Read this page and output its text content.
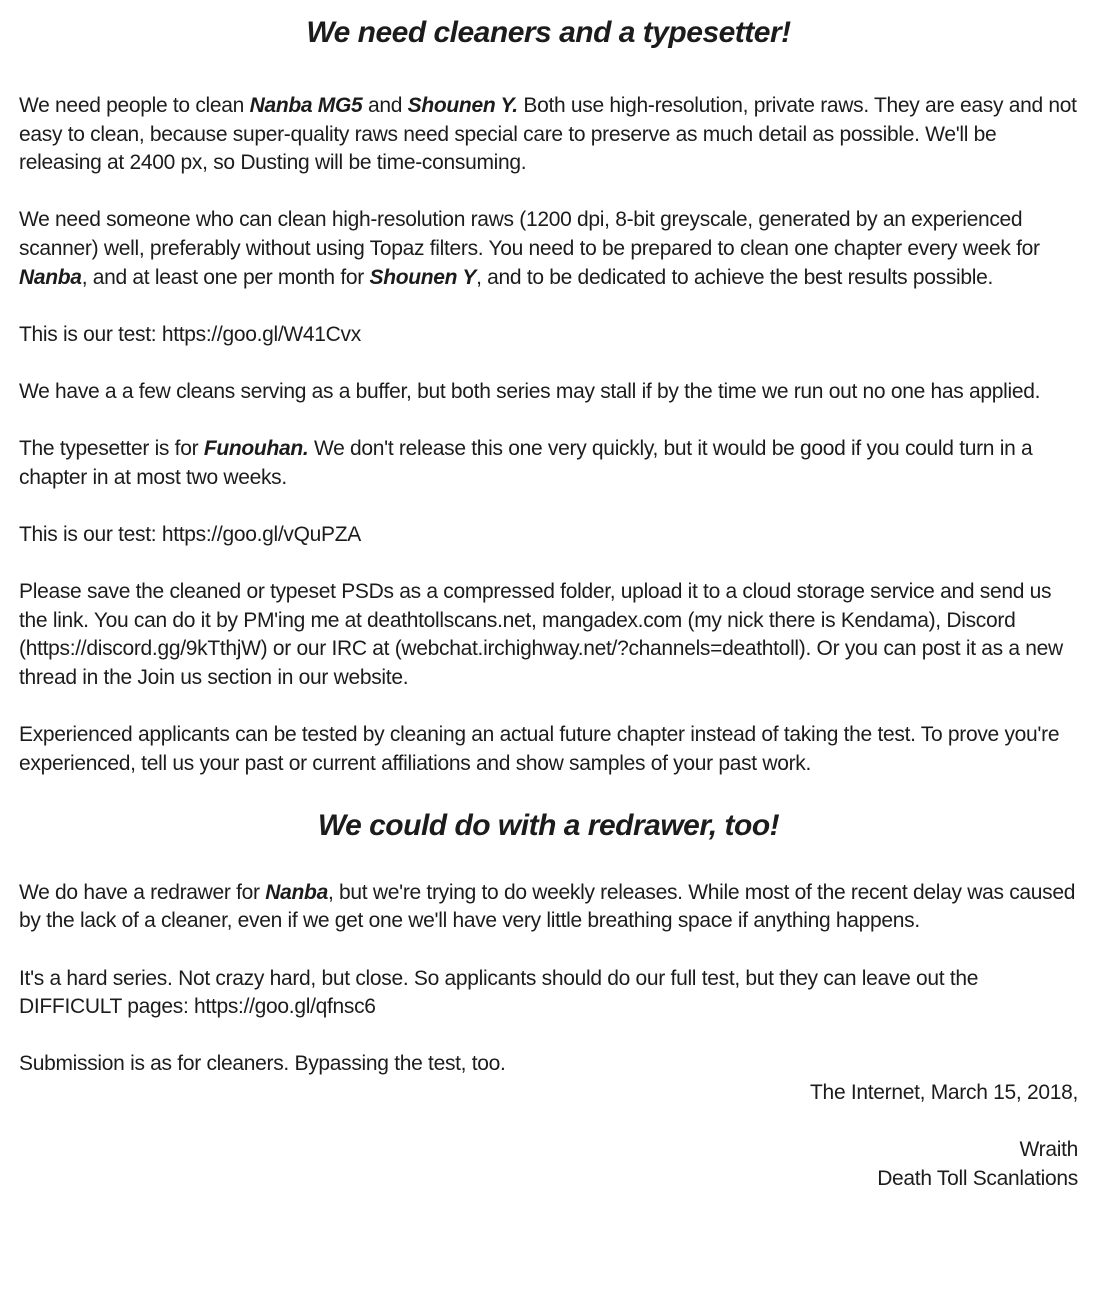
We need cleaners and a typesetter!

We need people to clean Nanba MG5 and Shounen Y. Both use high-resolution, private raws. They are easy and not easy to clean, because super-quality raws need special care to preserve as much detail as possible. We'll be releasing at 2400 px, so Dusting will be time-consuming.

We need someone who can clean high-resolution raws (1200 dpi, 8-bit greyscale, generated by an experienced scanner) well, preferably without using Topaz filters. You need to be prepared to clean one chapter every week for Nanba, and at least one per month for Shounen Y, and to be dedicated to achieve the best results possible.

This is our test: https://goo.gl/W41Cvx

We have a a few cleans serving as a buffer, but both series may stall if by the time we run out no one has applied.

The typesetter is for Funouhan. We don't release this one very quickly, but it would be good if you could turn in a chapter in at most two weeks.

This is our test: https://goo.gl/vQuPZA

Please save the cleaned or typeset PSDs as a compressed folder, upload it to a cloud storage service and send us the link. You can do it by PM'ing me at deathtollscans.net, mangadex.com (my nick there is Kendama), Discord (https://discord.gg/9kTthjW) or our IRC at (webchat.irchighway.net/?channels=deathtoll). Or you can post it as a new thread in the Join us section in our website.

Experienced applicants can be tested by cleaning an actual future chapter instead of taking the test. To prove you're experienced, tell us your past or current affiliations and show samples of your past work.

We could do with a redrawer, too!

We do have a redrawer for Nanba, but we're trying to do weekly releases. While most of the recent delay was caused by the lack of a cleaner, even if we get one we'll have very little breathing space if anything happens.

It's a hard series. Not crazy hard, but close. So applicants should do our full test, but they can leave out the DIFFICULT pages: https://goo.gl/qfnsc6

Submission is as for cleaners. Bypassing the test, too.

The Internet, March 15, 2018,
Wraith
Death Toll Scanlations
